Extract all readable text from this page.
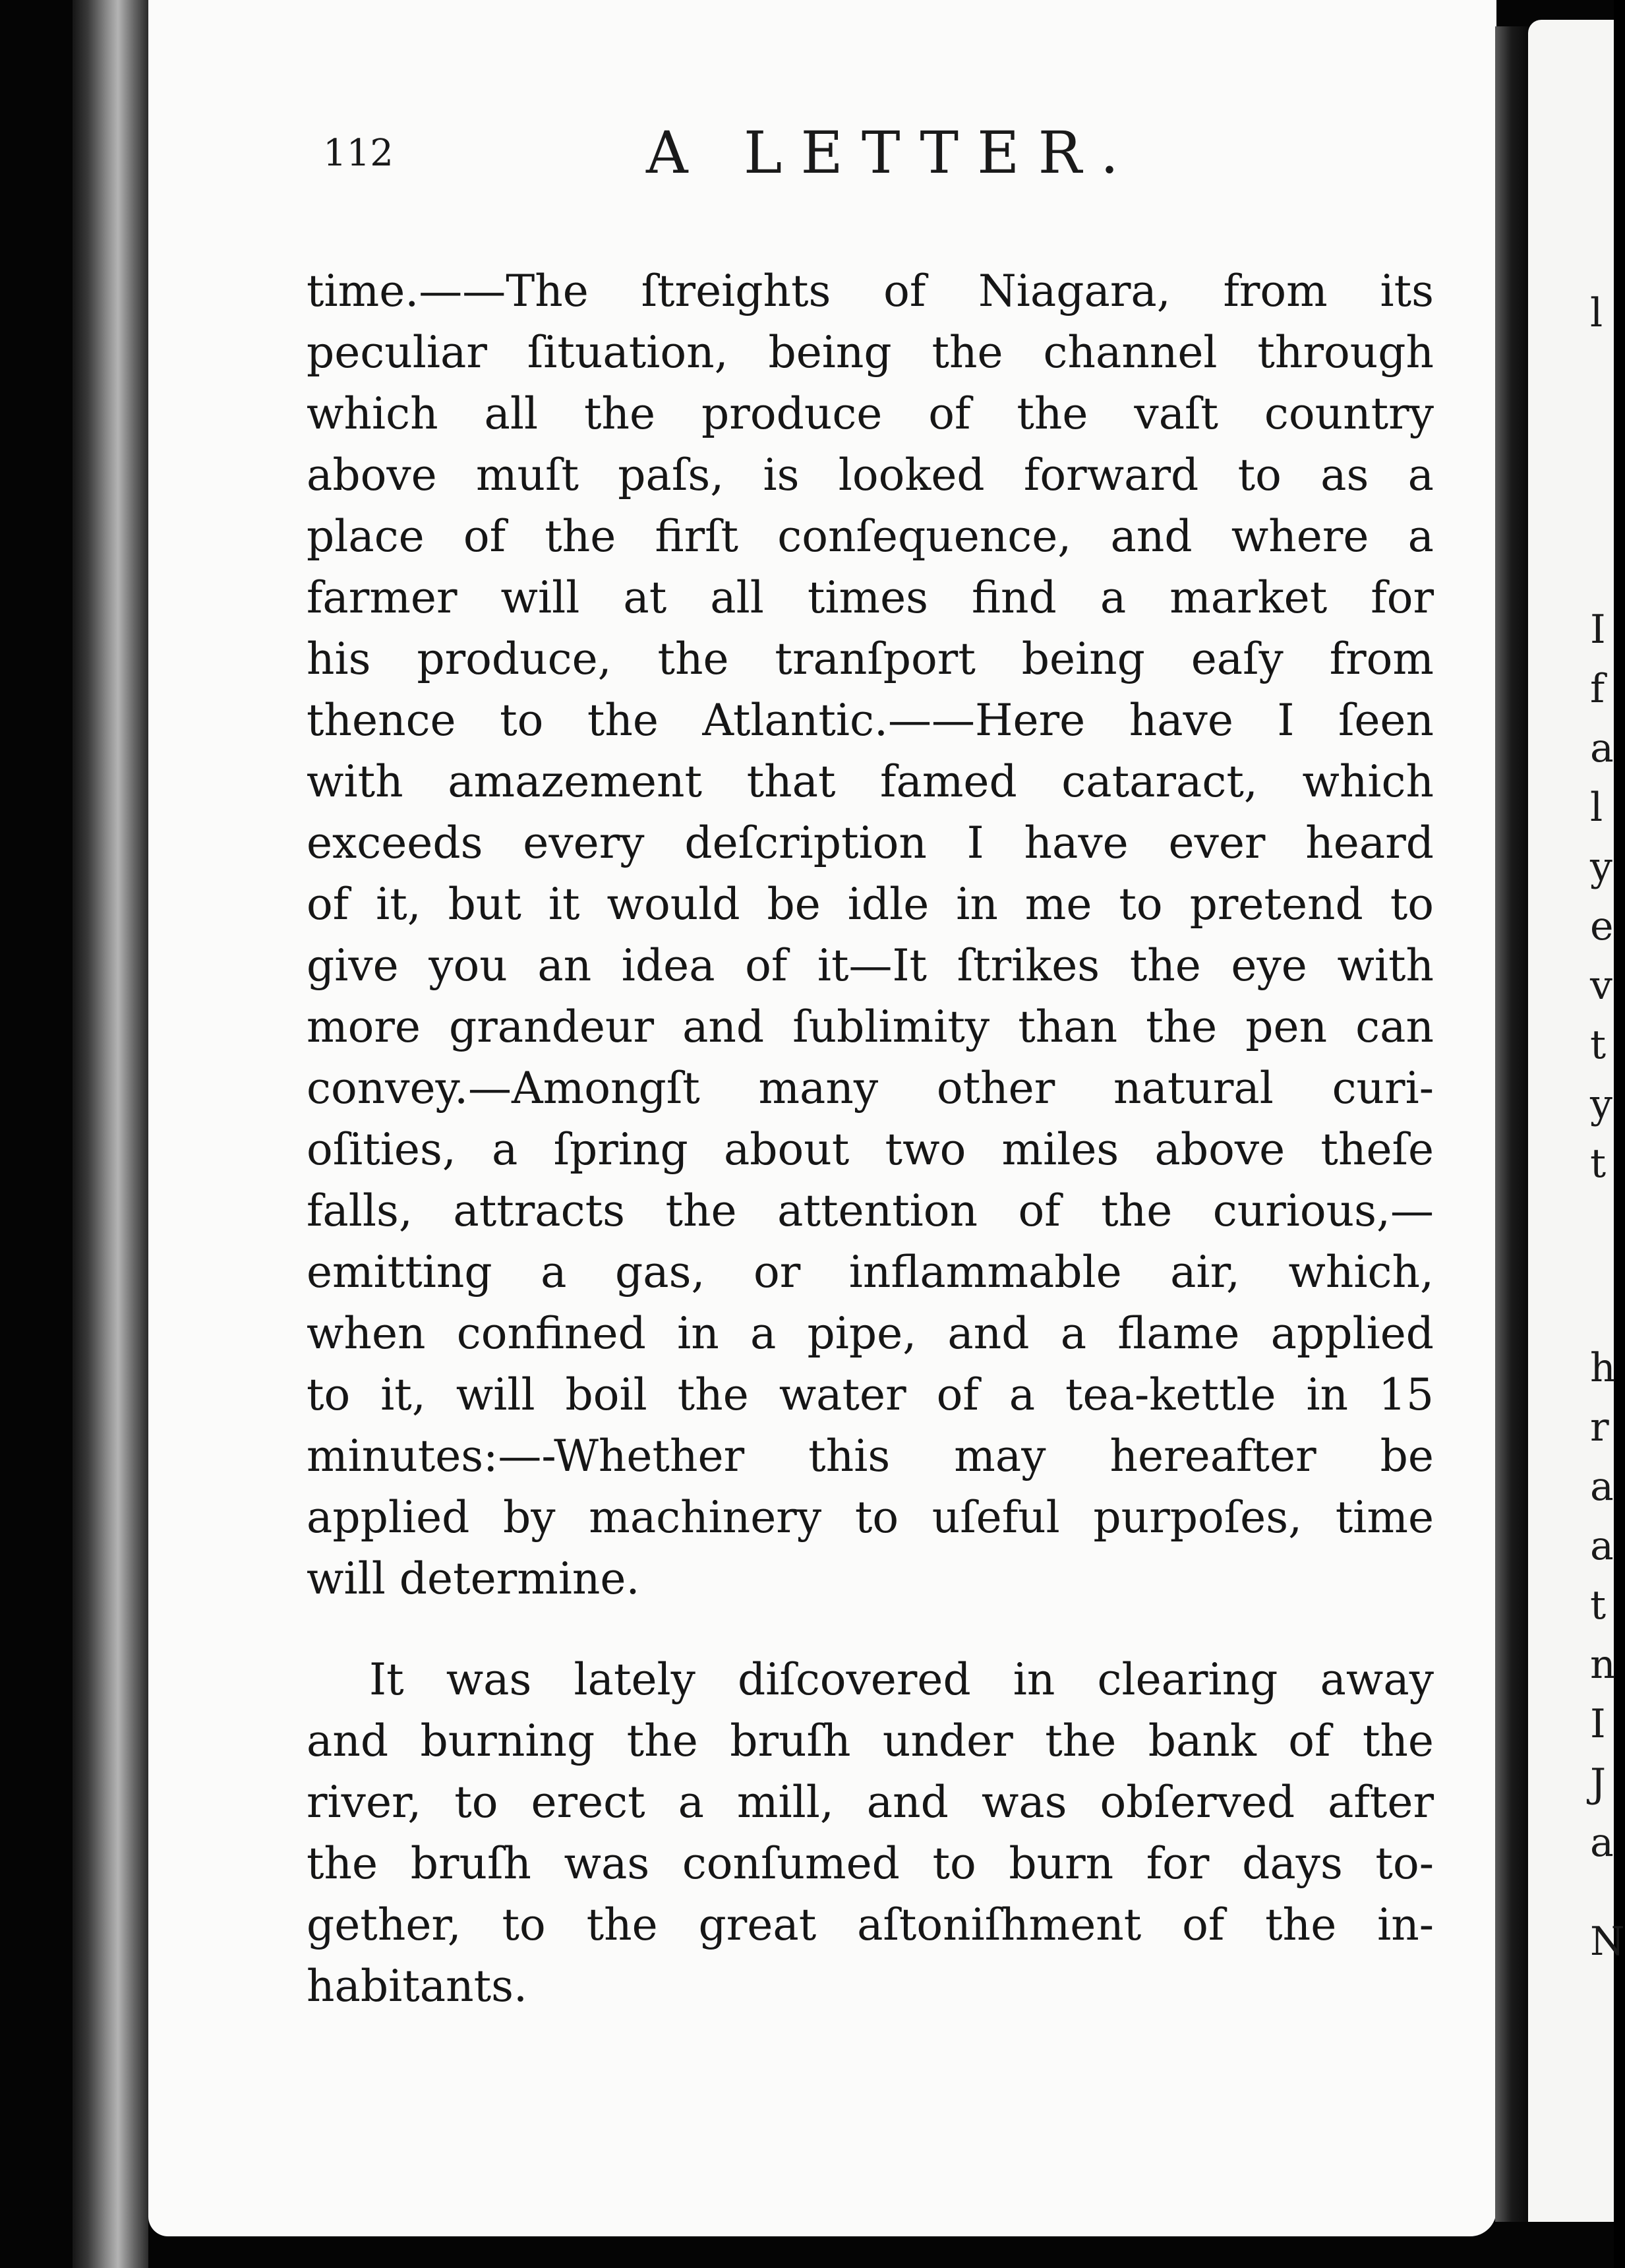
112	A LETTER.
time.——The ſtreights of Niagara, from its
peculiar ſituation, being the channel through
which all the produce of the vaſt country
above muſt paſs, is looked forward to as a
place of the firſt conſequence, and where a
farmer will at all times find a market for
his produce, the tranſport being eaſy from
thence to the Atlantic.——Here have I ſeen
with amazement that famed cataract, which
exceeds every deſcription I have ever heard
of it, but it would be idle in me to pretend to
give you an idea of it—It ſtrikes the eye with
more grandeur and ſublimity than the pen can
convey.—Amongſt many other natural curi-
oſities, a ſpring about two miles above theſe
falls, attracts the attention of the curious,—
emitting a gas, or inflammable air, which,
when confined in a pipe, and a flame applied
to it, will boil the water of a tea-kettle in 15
minutes:—-Whether this may hereafter be
applied by machinery to uſeful purpoſes, time
will determine.
It was lately diſcovered in clearing away
and burning the bruſh under the bank of the
river, to erect a mill, and was obſerved after
the bruſh was conſumed to burn for days to-
gether, to the great aſtoniſhment of the in-
habitants.
l
I
f
a
l
y
e
v
t
y
t
h
r
a
a
t
n
I
J
a
N
